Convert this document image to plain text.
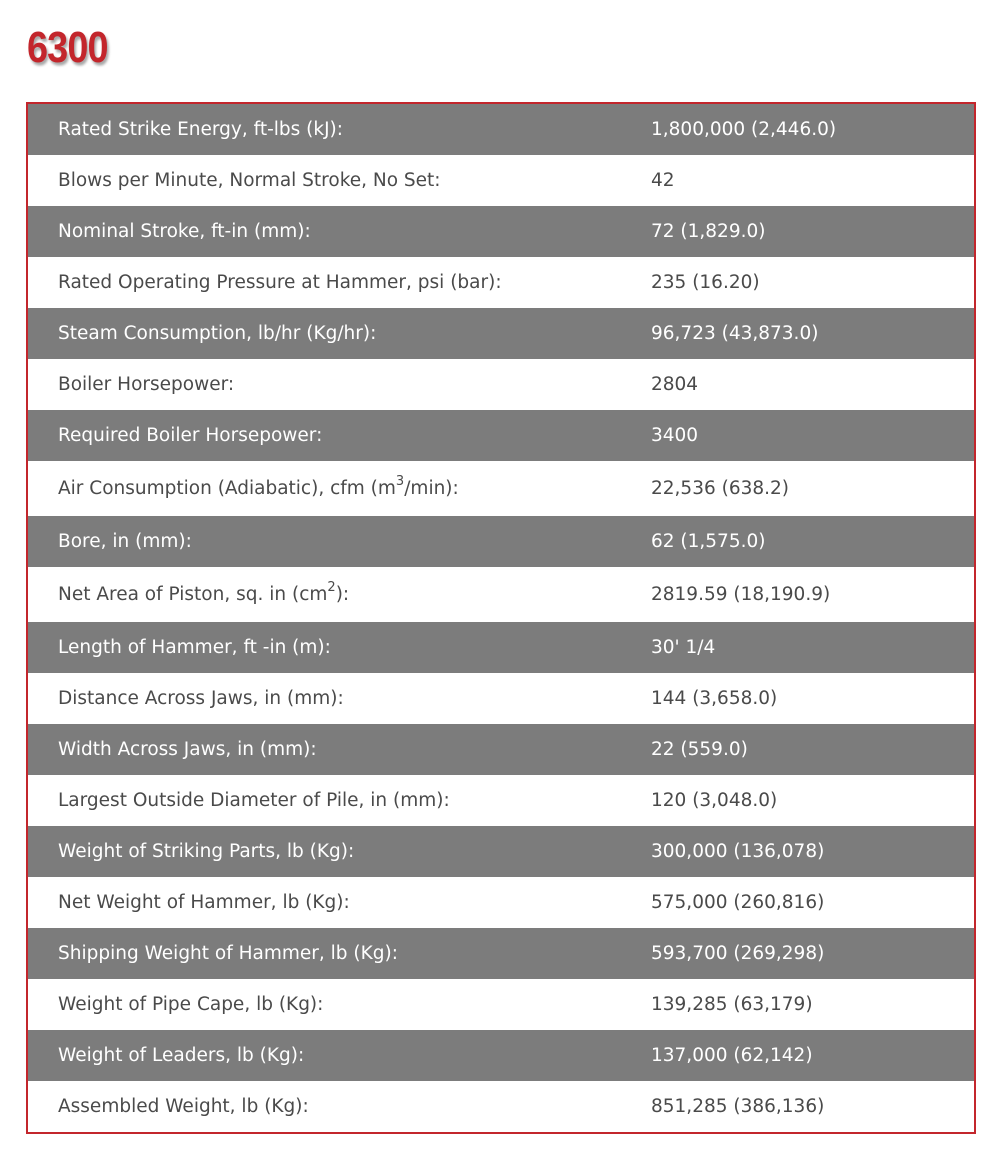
6300
Rated Strike Energy, ft-lbs (kJ):	1,800,000 (2,446.0)
Blows per Minute, Normal Stroke, No Set:	42
Nominal Stroke, ft-in (mm):	72 (1,829.0)
Rated Operating Pressure at Hammer, psi (bar):	235 (16.20)
Steam Consumption, lb/hr (Kg/hr):	96,723 (43,873.0)
Boiler Horsepower:	2804
Required Boiler Horsepower:	3400
Air Consumption (Adiabatic), cfm $(m^3/\min)$:	22,536 (638.2)
Bore, in (mm):	62 (1,575.0)
Net Area of Piston, sq. in $(cm^2)$:	2819.59 (18,190.9)
Length of Hammer, ft -in (m):	30' 1/4
Distance Across Jaws, in (mm):	144 (3,658.0)
Width Across Jaws, in (mm):	22 (559.0)
Largest Outside Diameter of Pile, in (mm):	120 (3,048.0)
Weight of Striking Parts, lb (Kg):	300,000 (136,078)
Net Weight of Hammer, lb (Kg):	575,000 (260,816)
Shipping Weight of Hammer, lb (Kg):	593,700 (269,298)
Weight of Pipe Cape, lb (Kg):	139,285 (63,179)
Weight of Leaders, lb (Kg):	137,000 (62,142)
Assembled Weight, lb (Kg):	851,285 (386,136)
